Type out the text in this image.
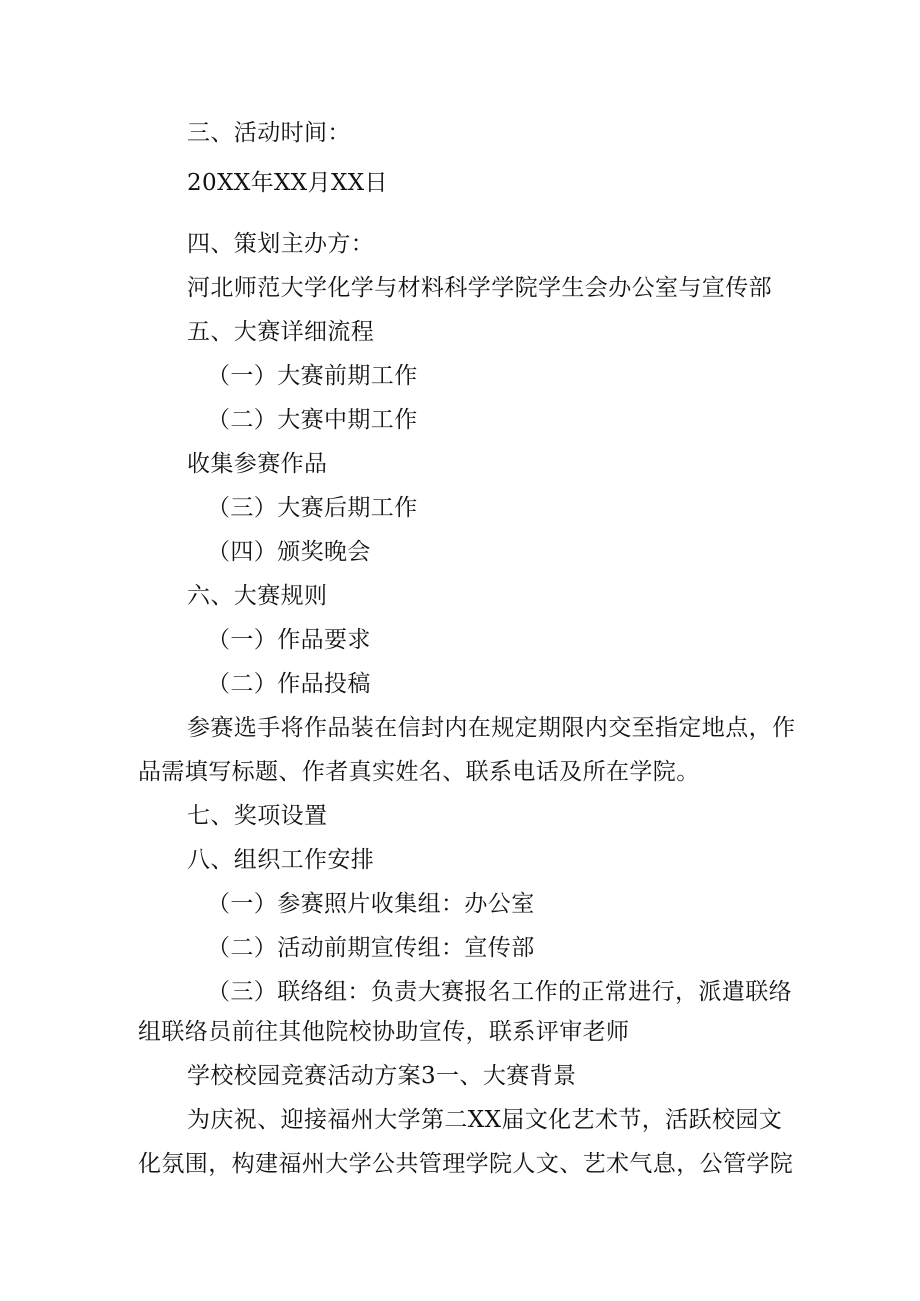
三、活动时间：
20XX年XX月XX日
四、策划主办方：
河北师范大学化学与材料科学学院学生会办公室与宣传部
五、大赛详细流程
（一）大赛前期工作
（二）大赛中期工作
收集参赛作品
（三）大赛后期工作
（四）颁奖晚会
六、大赛规则
（一）作品要求
（二）作品投稿
参赛选手将作品装在信封内在规定期限内交至指定地点，作
品需填写标题、作者真实姓名、联系电话及所在学院。
七、奖项设置
八、组织工作安排
（一）参赛照片收集组：办公室
（二）活动前期宣传组：宣传部
（三）联络组：负责大赛报名工作的正常进行，派遣联络
组联络员前往其他院校协助宣传，联系评审老师
学校校园竞赛活动方案3一、大赛背景
为庆祝、迎接福州大学第二XX届文化艺术节，活跃校园文
化氛围，构建福州大学公共管理学院人文、艺术气息，公管学院
